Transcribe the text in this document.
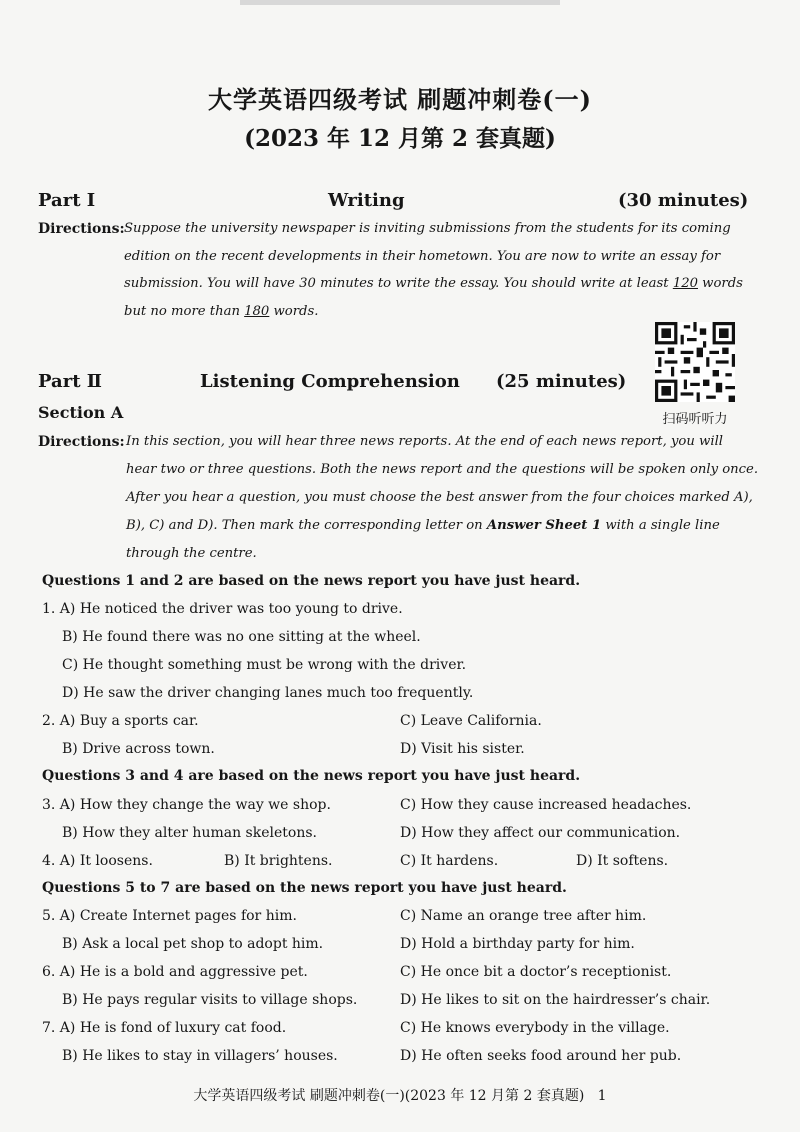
大学英语四级考试 刷题冲刺卷(一)
(2023 年 12 月第 2 套真题)
Part Ⅰ	Writing	(30 minutes)
Directions: Suppose the university newspaper is inviting submissions from the students for its coming
edition on the recent developments in their hometown. You are now to write an essay for
submission. You will have 30 minutes to write the essay. You should write at least 120 words
but no more than 180 words.
扫码听听力
Part Ⅱ	Listening Comprehension (25 minutes)
Section A
Directions: In this section, you will hear three news reports. At the end of each news report, you will
hear two or three questions. Both the news report and the questions will be spoken only once.
After you hear a question, you must choose the best answer from the four choices marked A),
B), C) and D). Then mark the corresponding letter on Answer Sheet 1 with a single line
through the centre.
Questions 1 and 2 are based on the news report you have just heard.
1. A) He noticed the driver was too young to drive.
B) He found there was no one sitting at the wheel.
C) He thought something must be wrong with the driver.
D) He saw the driver changing lanes much too frequently.
2. A) Buy a sports car.	C) Leave California.
B) Drive across town.	D) Visit his sister.
Questions 3 and 4 are based on the news report you have just heard.
3. A) How they change the way we shop.	C) How they cause increased headaches.
B) How they alter human skeletons.	D) How they affect our communication.
4. A) It loosens.	B) It brightens.	C) It hardens.	D) It softens.
Questions 5 to 7 are based on the news report you have just heard.
5. A) Create Internet pages for him.	C) Name an orange tree after him.
B) Ask a local pet shop to adopt him.	D) Hold a birthday party for him.
6. A) He is a bold and aggressive pet.	C) He once bit a doctor’s receptionist.
B) He pays regular visits to village shops.	D) He likes to sit on the hairdresser’s chair.
7. A) He is fond of luxury cat food.	C) He knows everybody in the village.
B) He likes to stay in villagers’ houses.	D) He often seeks food around her pub.
大学英语四级考试 刷题冲刺卷(一)(2023 年 12 月第 2 套真题) 1
